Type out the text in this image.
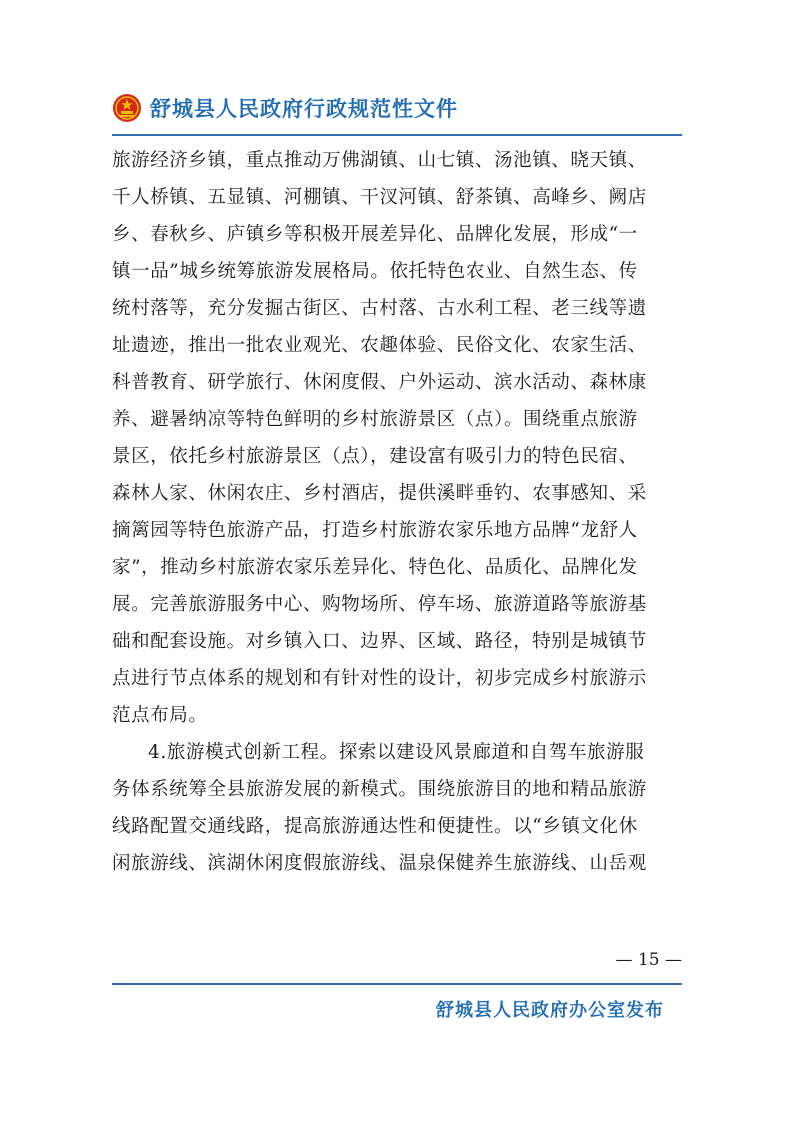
舒城县人民政府行政规范性文件
旅游经济乡镇，重点推动万佛湖镇、山七镇、汤池镇、晓天镇、
千人桥镇、五显镇、河棚镇、干汊河镇、舒茶镇、高峰乡、阙店
乡、春秋乡、庐镇乡等积极开展差异化、品牌化发展，形成“一
镇一品”城乡统筹旅游发展格局。依托特色农业、自然生态、传
统村落等，充分发掘古街区、古村落、古水利工程、老三线等遗
址遗迹，推出一批农业观光、农趣体验、民俗文化、农家生活、
科普教育、研学旅行、休闲度假、户外运动、滨水活动、森林康
养、避暑纳凉等特色鲜明的乡村旅游景区（点）。围绕重点旅游
景区，依托乡村旅游景区（点），建设富有吸引力的特色民宿、
森林人家、休闲农庄、乡村酒店，提供溪畔垂钓、农事感知、采
摘篱园等特色旅游产品，打造乡村旅游农家乐地方品牌“龙舒人
家”，推动乡村旅游农家乐差异化、特色化、品质化、品牌化发
展。完善旅游服务中心、购物场所、停车场、旅游道路等旅游基
础和配套设施。对乡镇入口、边界、区域、路径，特别是城镇节
点进行节点体系的规划和有针对性的设计，初步完成乡村旅游示
范点布局。
4.旅游模式创新工程。探索以建设风景廊道和自驾车旅游服
务体系统筹全县旅游发展的新模式。围绕旅游目的地和精品旅游
线路配置交通线路，提高旅游通达性和便捷性。以“乡镇文化休
闲旅游线、滨湖休闲度假旅游线、温泉保健养生旅游线、山岳观
— 15 —
舒城县人民政府办公室发布
